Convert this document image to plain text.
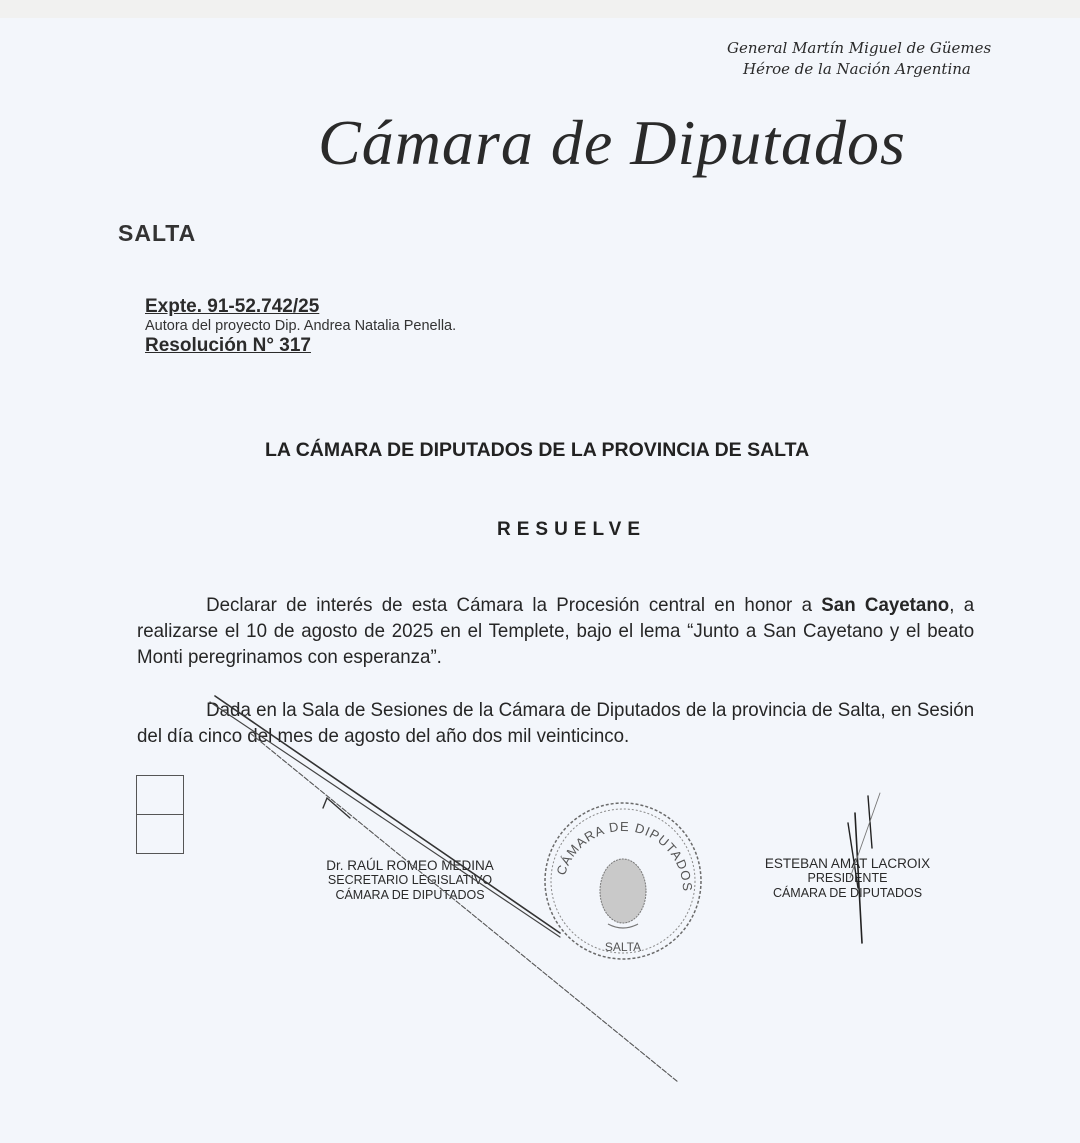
General Martín Miguel de Güemes
Héroe de la Nación Argentina
Cámara de Diputados
SALTA
Expte. 91-52.742/25
Autora del proyecto Dip. Andrea Natalia Penella.
Resolución N° 317
LA CÁMARA DE DIPUTADOS DE LA PROVINCIA DE SALTA
RESUELVE
Declarar de interés de esta Cámara la Procesión central en honor a San Cayetano, a realizarse el 10 de agosto de 2025 en el Templete, bajo el lema “Junto a San Cayetano y el beato Monti peregrinamos con esperanza”.
Dada en la Sala de Sesiones de la Cámara de Diputados de la provincia de Salta, en Sesión del día cinco del mes de agosto del año dos mil veinticinco.
Dr. RAÚL ROMEO MEDINA
SECRETARIO LEGISLATIVO
CÁMARA DE DIPUTADOS
ESTEBAN AMAT LACROIX
PRESIDENTE
CÁMARA DE DIPUTADOS
CÁMARA DE DIPUTADOS
SALTA
